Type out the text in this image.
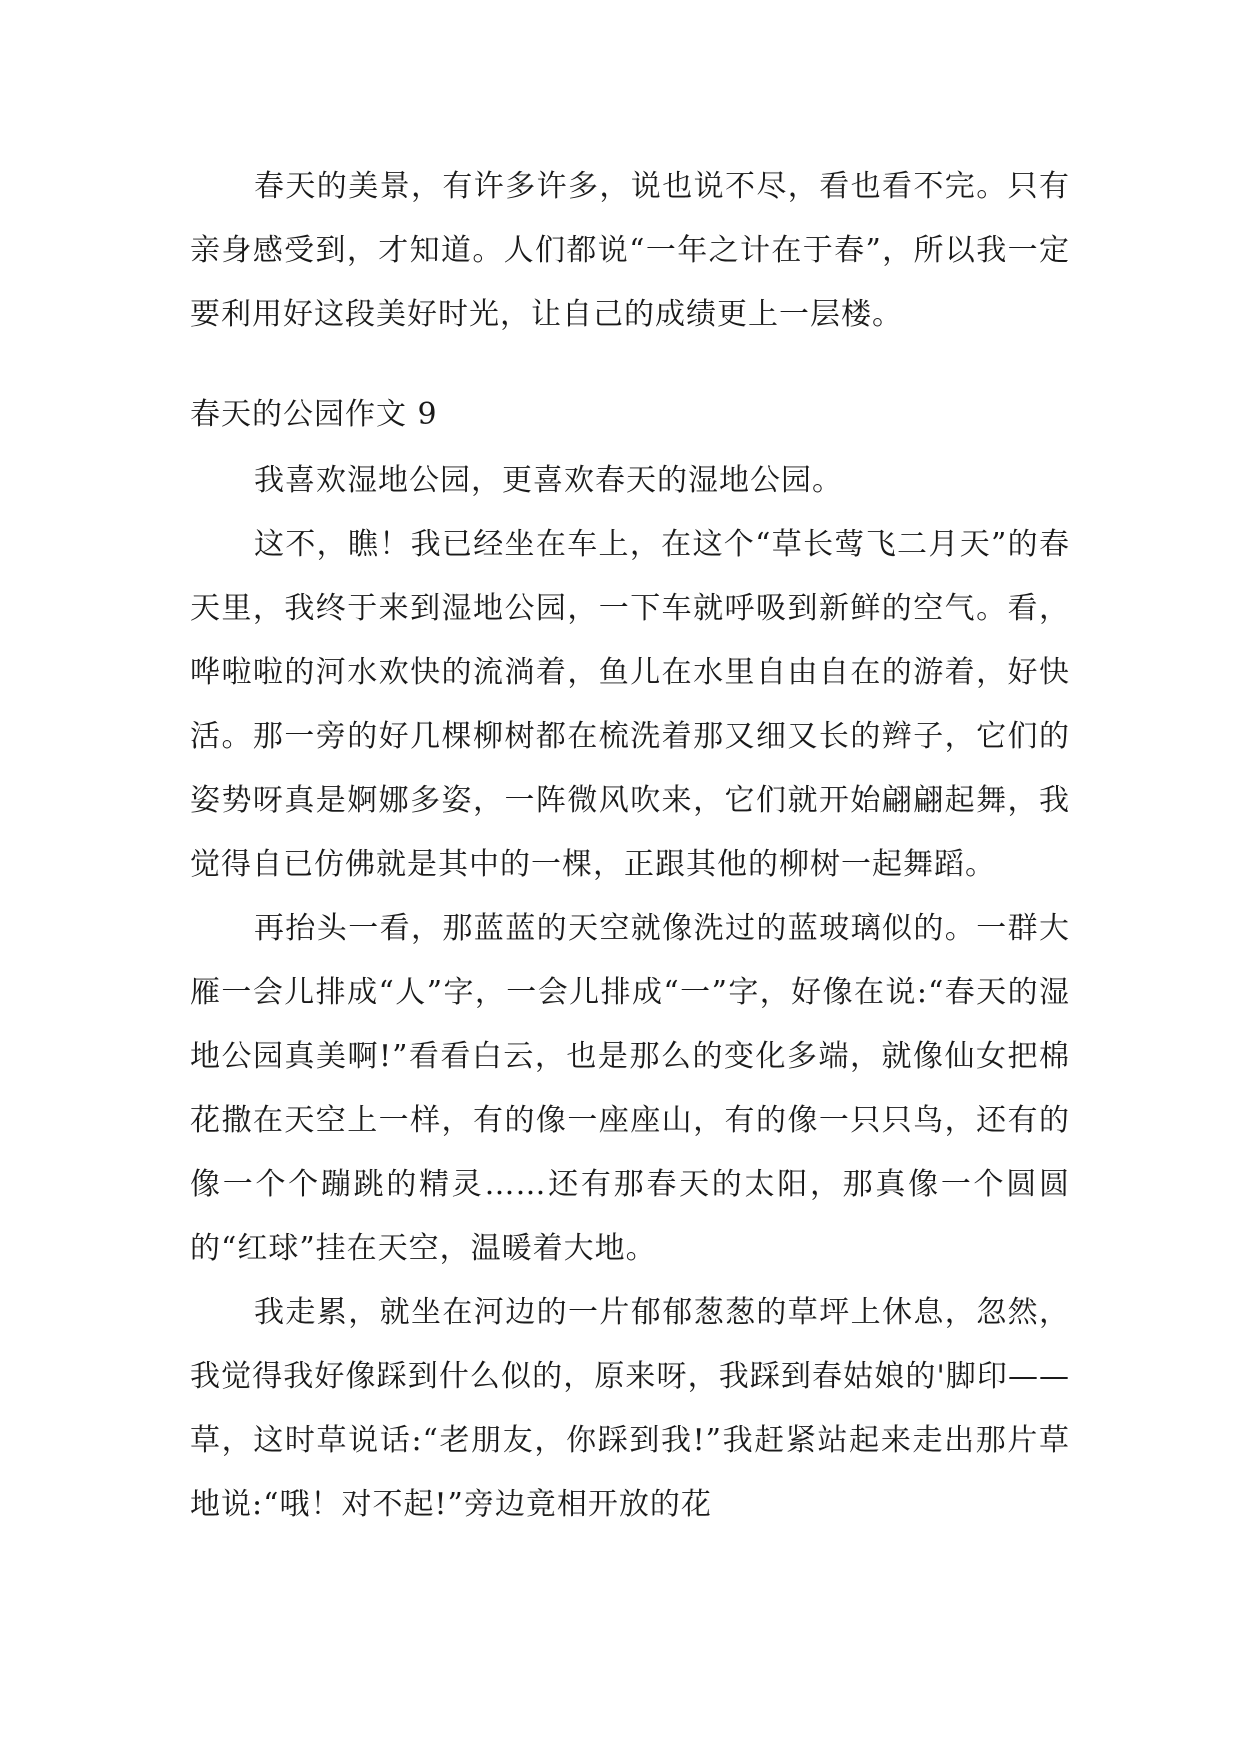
春天的美景，有许多许多，说也说不尽，看也看不完。只有亲身感受到，才知道。人们都说“一年之计在于春”，所以我一定要利用好这段美好时光，让自己的成绩更上一层楼。

春天的公园作文 9

我喜欢湿地公园，更喜欢春天的湿地公园。

这不，瞧！我已经坐在车上，在这个“草长莺飞二月天”的春天里，我终于来到湿地公园，一下车就呼吸到新鲜的空气。看，哗啦啦的河水欢快的流淌着，鱼儿在水里自由自在的游着，好快活。那一旁的好几棵柳树都在梳洗着那又细又长的辫子，它们的姿势呀真是婀娜多姿，一阵微风吹来，它们就开始翩翩起舞，我觉得自已仿佛就是其中的一棵，正跟其他的柳树一起舞蹈。

再抬头一看，那蓝蓝的天空就像洗过的蓝玻璃似的。一群大雁一会儿排成“人”字，一会儿排成“一”字，好像在说:“春天的湿地公园真美啊!”看看白云，也是那么的变化多端，就像仙女把棉花撒在天空上一样，有的像一座座山，有的像一只只鸟，还有的像一个个蹦跳的精灵……还有那春天的太阳，那真像一个圆圆的“红球”挂在天空，温暖着大地。

我走累，就坐在河边的一片郁郁葱葱的草坪上休息，忽然，我觉得我好像踩到什么似的，原来呀，我踩到春姑娘的'脚印——草，这时草说话:“老朋友，你踩到我!”我赶紧站起来走出那片草地说:“哦！对不起!”旁边竟相开放的花
